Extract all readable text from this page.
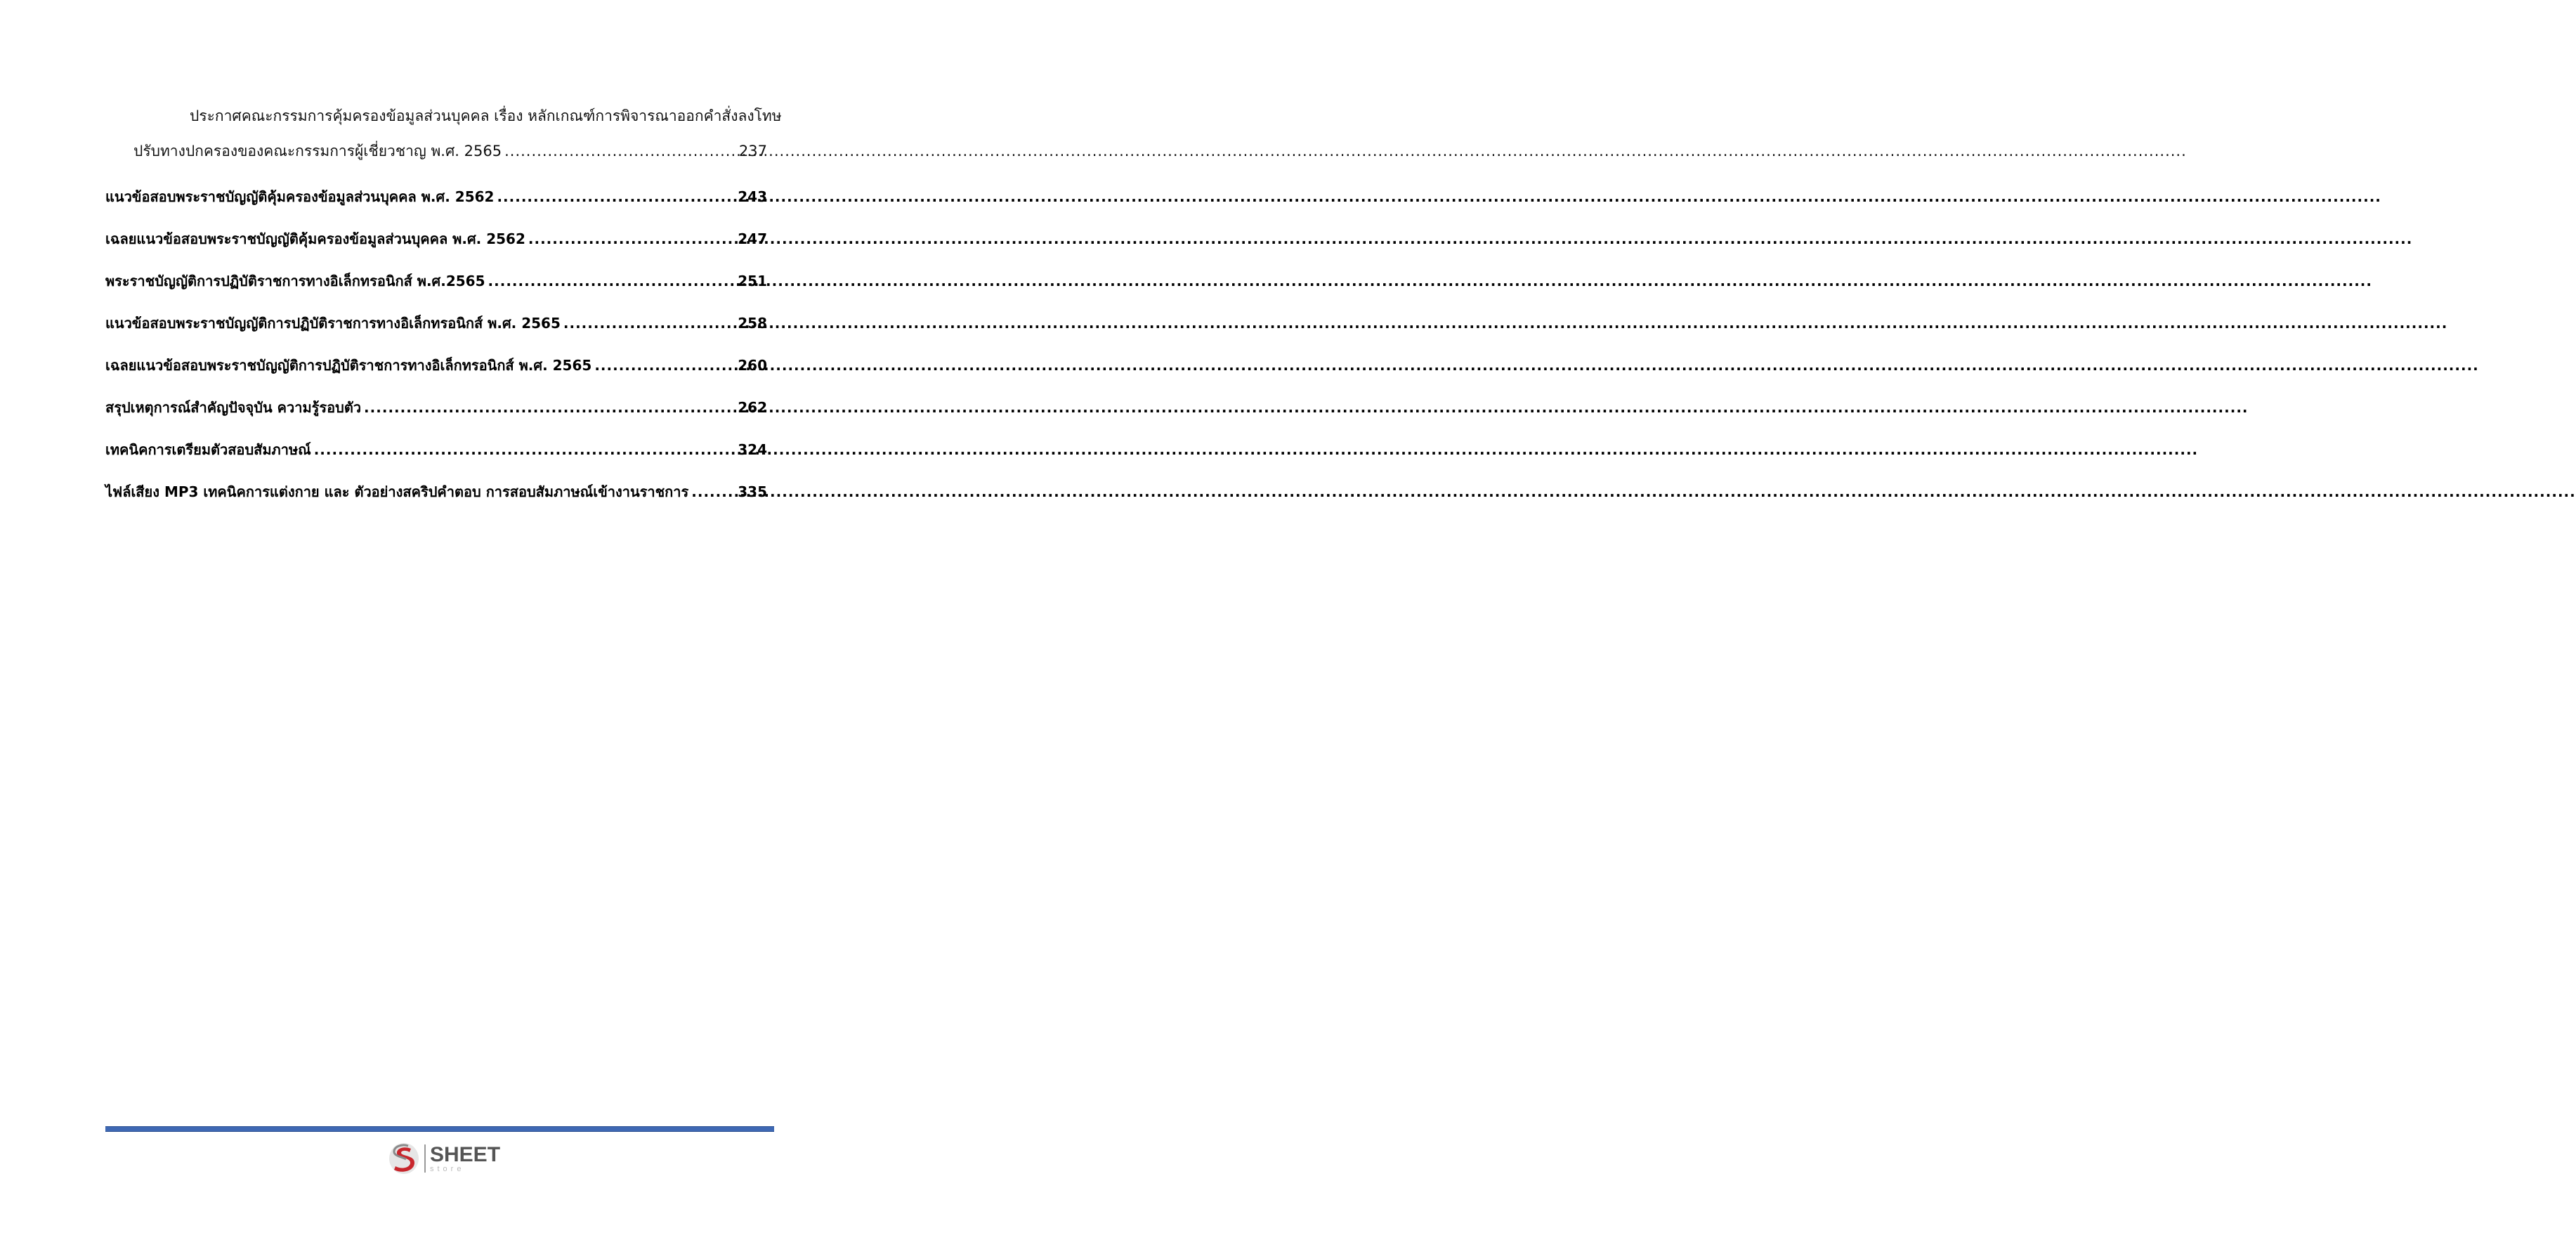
ประกาศคณะกรรมการคุ้มครองข้อมูลส่วนบุคคล เรื่อง หลักเกณฑ์การพิจารณาออกคำสั่งลงโทษ
ปรับทางปกครองของคณะกรรมการผู้เชี่ยวชาญ พ.ศ. 2565 .....	237
แนวข้อสอบพระราชบัญญัติคุ้มครองข้อมูลส่วนบุคคล พ.ศ. 2562 .....	243
เฉลยแนวข้อสอบพระราชบัญญัติคุ้มครองข้อมูลส่วนบุคคล พ.ศ. 2562 .....	247
พระราชบัญญัติการปฏิบัติราชการทางอิเล็กทรอนิกส์ พ.ศ.2565 .....	251
แนวข้อสอบพระราชบัญญัติการปฏิบัติราชการทางอิเล็กทรอนิกส์ พ.ศ. 2565 .....	258
เฉลยแนวข้อสอบพระราชบัญญัติการปฏิบัติราชการทางอิเล็กทรอนิกส์ พ.ศ. 2565 .....	260
สรุปเหตุการณ์สำคัญปัจจุบัน ความรู้รอบตัว .....	262
เทคนิคการเตรียมตัวสอบสัมภาษณ์ .....	324
ไฟล์เสียง MP3 เทคนิคการแต่งกาย และ ตัวอย่างสคริปคำตอบ การสอบสัมภาษณ์เข้างานราชการ .....	335
SHEET
store
